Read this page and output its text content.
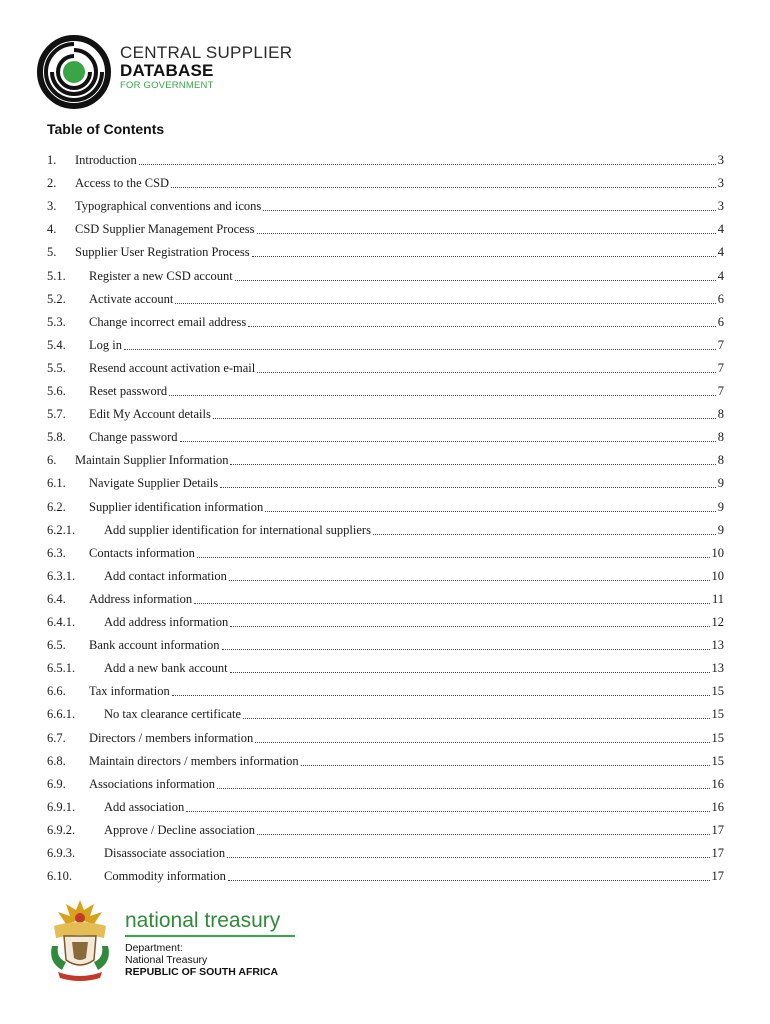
CENTRAL SUPPLIER
DATABASE
FOR GOVERNMENT
Table of Contents
1.	Introduction	3
2.	Access to the CSD	3
3.	Typographical conventions and icons	3
4.	CSD Supplier Management Process	4
5.	Supplier User Registration Process	4
5.1.	Register a new CSD account	4
5.2.	Activate account	6
5.3.	Change incorrect email address	6
5.4.	Log in	7
5.5.	Resend account activation e-mail	7
5.6.	Reset password	7
5.7.	Edit My Account details	8
5.8.	Change password	8
6.	Maintain Supplier Information	8
6.1.	Navigate Supplier Details	9
6.2.	Supplier identification information	9
6.2.1.	Add supplier identification for international suppliers	9
6.3.	Contacts information	10
6.3.1.	Add contact information	10
6.4.	Address information	11
6.4.1.	Add address information	12
6.5.	Bank account information	13
6.5.1.	Add a new bank account	13
6.6.	Tax information	15
6.6.1.	No tax clearance certificate	15
6.7.	Directors / members information	15
6.8.	Maintain directors / members information	15
6.9.	Associations information	16
6.9.1.	Add association	16
6.9.2.	Approve / Decline association	17
6.9.3.	Disassociate association	17
6.10.	Commodity information	17
national treasury
Department:
National Treasury
REPUBLIC OF SOUTH AFRICA
